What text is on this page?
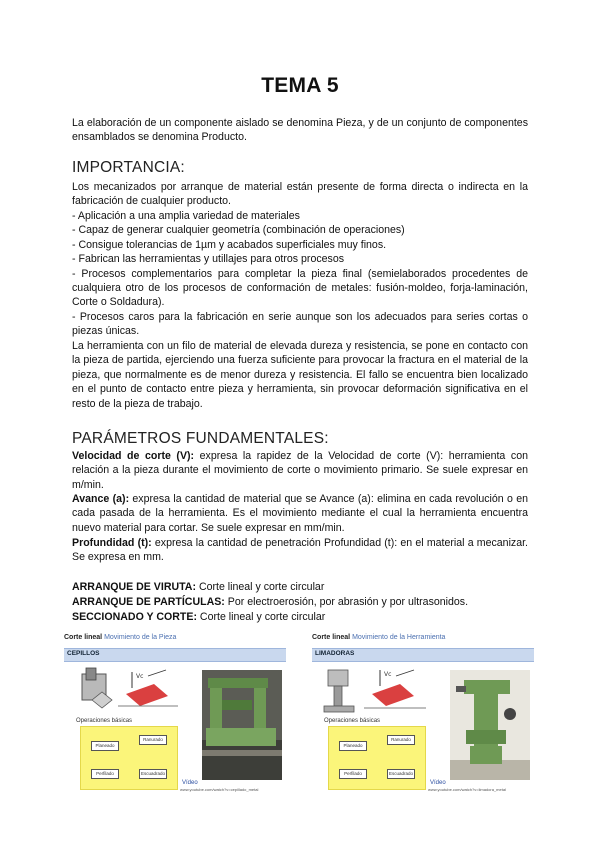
TEMA 5

La elaboración de un componente aislado se denomina Pieza, y de un conjunto de componentes ensamblados se denomina Producto.

IMPORTANCIA:

Los mecanizados por arranque de material están presente de forma directa o indirecta en la fabricación de cualquier producto.

- Aplicación a una amplia variedad de materiales
- Capaz de generar cualquier geometría (combinación de operaciones)
- Consigue tolerancias de 1µm y acabados superficiales muy finos.
- Fabrican las herramientas y utillajes para otros procesos
- Procesos complementarios para completar la pieza final (semielaborados procedentes de cualquiera otro de los procesos de conformación de metales: fusión-moldeo, forja-laminación, Corte o Soldadura).
- Procesos caros para la fabricación en serie aunque son los adecuados para series cortas o piezas únicas.

La herramienta con un filo de material de elevada dureza y resistencia, se pone en contacto con la pieza de partida, ejerciendo una fuerza suficiente para provocar la fractura en el material de la pieza, que normalmente es de menor dureza y resistencia. El fallo se encuentra bien localizado en el punto de contacto entre pieza y herramienta, sin provocar deformación significativa en el resto de la pieza de trabajo.

PARÁMETROS FUNDAMENTALES:

Velocidad de corte (V): expresa la rapidez de la Velocidad de corte (V): herramienta con relación a la pieza durante el movimiento de corte o movimiento primario. Se suele expresar en m/min.

Avance (a): expresa la cantidad de material que se Avance (a): elimina en cada revolución o en cada pasada de la herramienta. Es el movimiento mediante el cual la herramienta encuentra nuevo material para cortar. Se suele expresar en mm/min.

Profundidad (t): expresa la cantidad de penetración Profundidad (t): en el material a mecanizar. Se expresa en mm.

ARRANQUE DE VIRUTA: Corte lineal y corte circular
ARRANQUE DE PARTÍCULAS: Por electroerosión, por abrasión y por ultrasonidos.
SECCIONADO Y CORTE: Corte lineal y corte circular
Corte lineal Movimiento de la Pieza
CEPILLOS
Vc
Operaciones básicas
Planeado
Ranurado
Perfilado	Escuadrado
Vídeo
www.youtube.com/watch?v=cepillado_metal
Corte lineal Movimiento de la Herramienta
LIMADORAS
Vc
Operaciones básicas
Planeado
Ranurado
Perfilado	Escuadrado
Vídeo
www.youtube.com/watch?v=limadora_metal
